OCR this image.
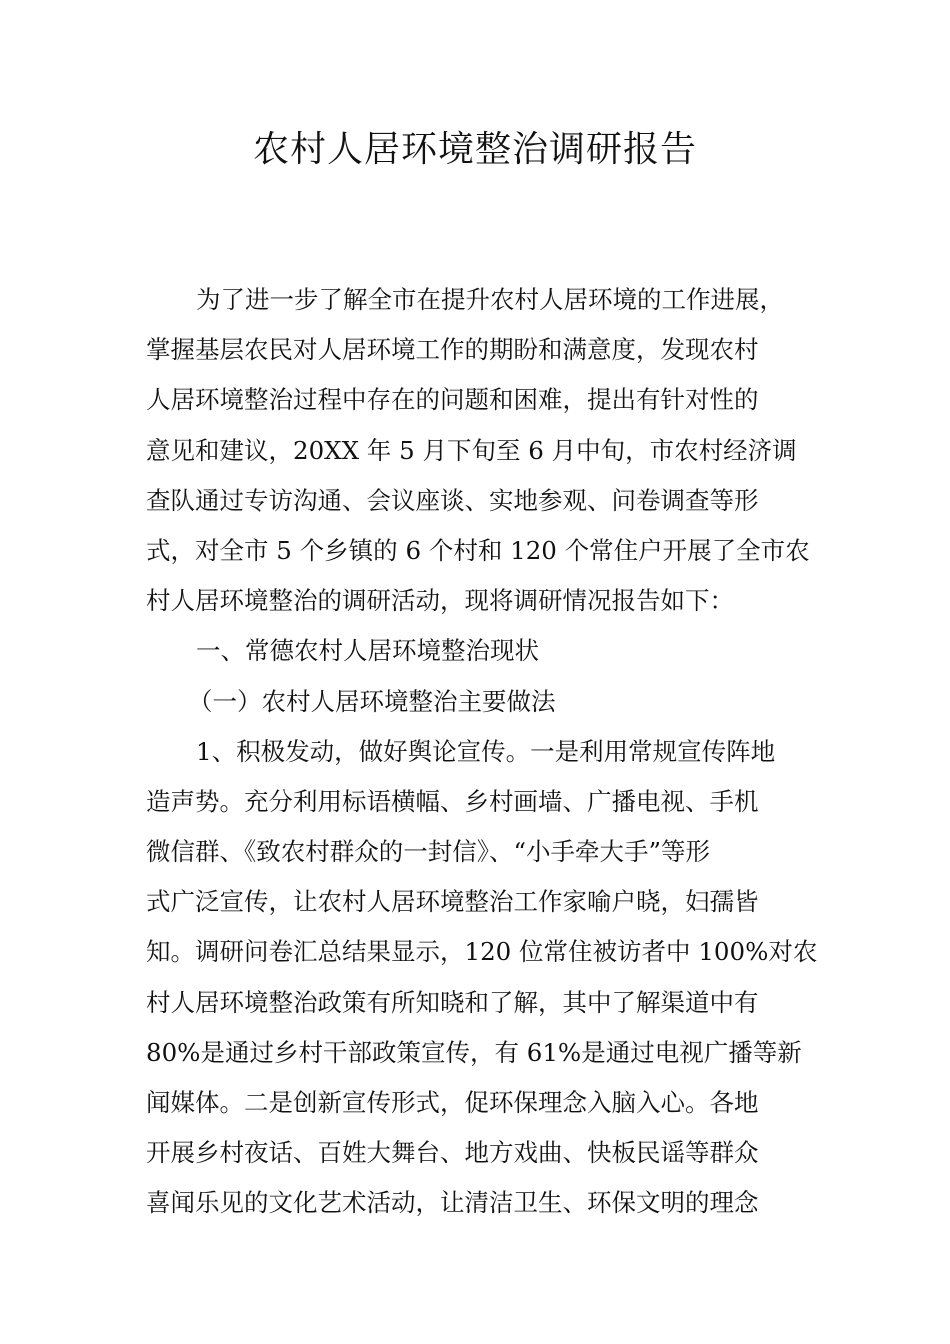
农村人居环境整治调研报告

为了进一步了解全市在提升农村人居环境的工作进展，

掌握基层农民对人居环境工作的期盼和满意度，发现农村

人居环境整治过程中存在的问题和困难，提出有针对性的

意见和建议，20XX 年 5 月下旬至 6 月中旬，市农村经济调

查队通过专访沟通、会议座谈、实地参观、问卷调查等形

式，对全市 5 个乡镇的 6 个村和 120 个常住户开展了全市农

村人居环境整治的调研活动，现将调研情况报告如下：

一、常德农村人居环境整治现状

（一）农村人居环境整治主要做法

1、积极发动，做好舆论宣传。一是利用常规宣传阵地

造声势。充分利用标语横幅、乡村画墙、广播电视、手机

微信群、《致农村群众的一封信》、“小手牵大手”等形

式广泛宣传，让农村人居环境整治工作家喻户晓，妇孺皆

知。调研问卷汇总结果显示，120 位常住被访者中 100%对农

村人居环境整治政策有所知晓和了解，其中了解渠道中有

80%是通过乡村干部政策宣传，有 61%是通过电视广播等新

闻媒体。二是创新宣传形式，促环保理念入脑入心。各地

开展乡村夜话、百姓大舞台、地方戏曲、快板民谣等群众

喜闻乐见的文化艺术活动，让清洁卫生、环保文明的理念
